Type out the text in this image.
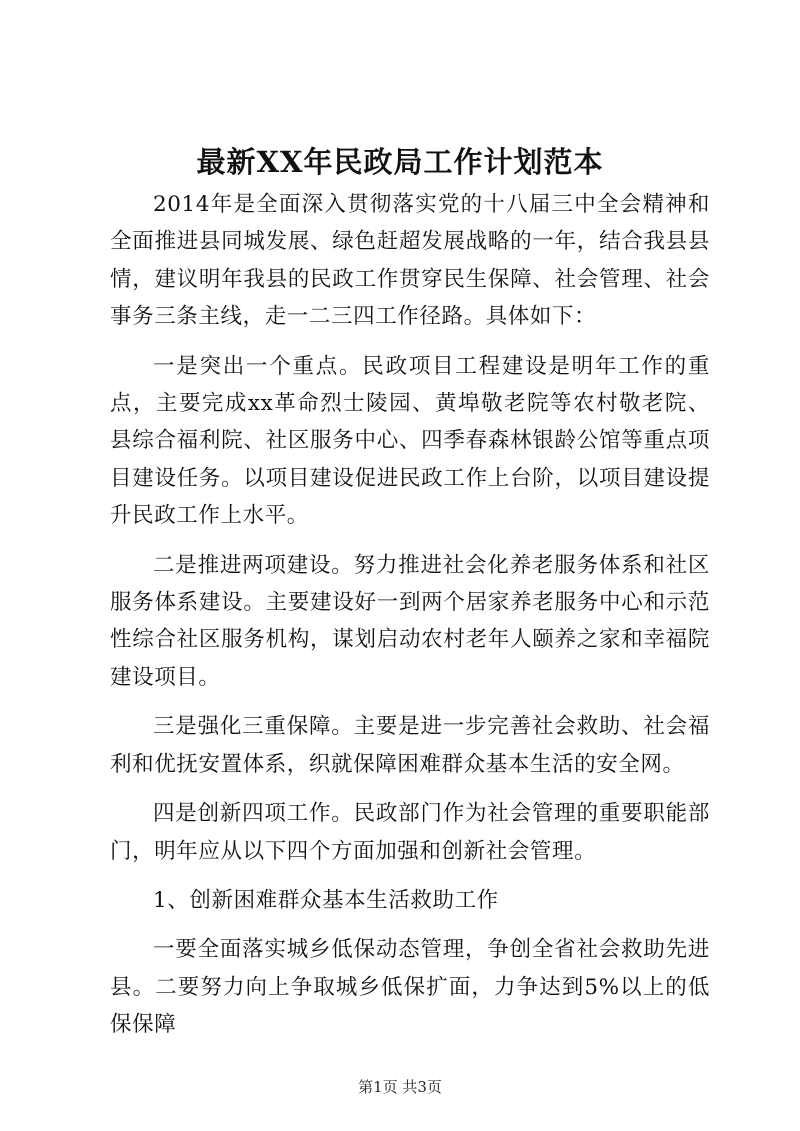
最新XX年民政局工作计划范本

2014年是全面深入贯彻落实党的十八届三中全会精神和全面推进县同城发展、绿色赶超发展战略的一年，结合我县县情，建议明年我县的民政工作贯穿民生保障、社会管理、社会事务三条主线，走一二三四工作径路。具体如下：

一是突出一个重点。民政项目工程建设是明年工作的重点，主要完成xx革命烈士陵园、黄埠敬老院等农村敬老院、县综合福利院、社区服务中心、四季春森林银龄公馆等重点项目建设任务。以项目建设促进民政工作上台阶，以项目建设提升民政工作上水平。

二是推进两项建设。努力推进社会化养老服务体系和社区服务体系建设。主要建设好一到两个居家养老服务中心和示范性综合社区服务机构，谋划启动农村老年人颐养之家和幸福院建设项目。

三是强化三重保障。主要是进一步完善社会救助、社会福利和优抚安置体系，织就保障困难群众基本生活的安全网。

四是创新四项工作。民政部门作为社会管理的重要职能部门，明年应从以下四个方面加强和创新社会管理。

1、创新困难群众基本生活救助工作

一要全面落实城乡低保动态管理，争创全省社会救助先进县。二要努力向上争取城乡低保扩面，力争达到5%以上的低保保障

第1页 共3页
